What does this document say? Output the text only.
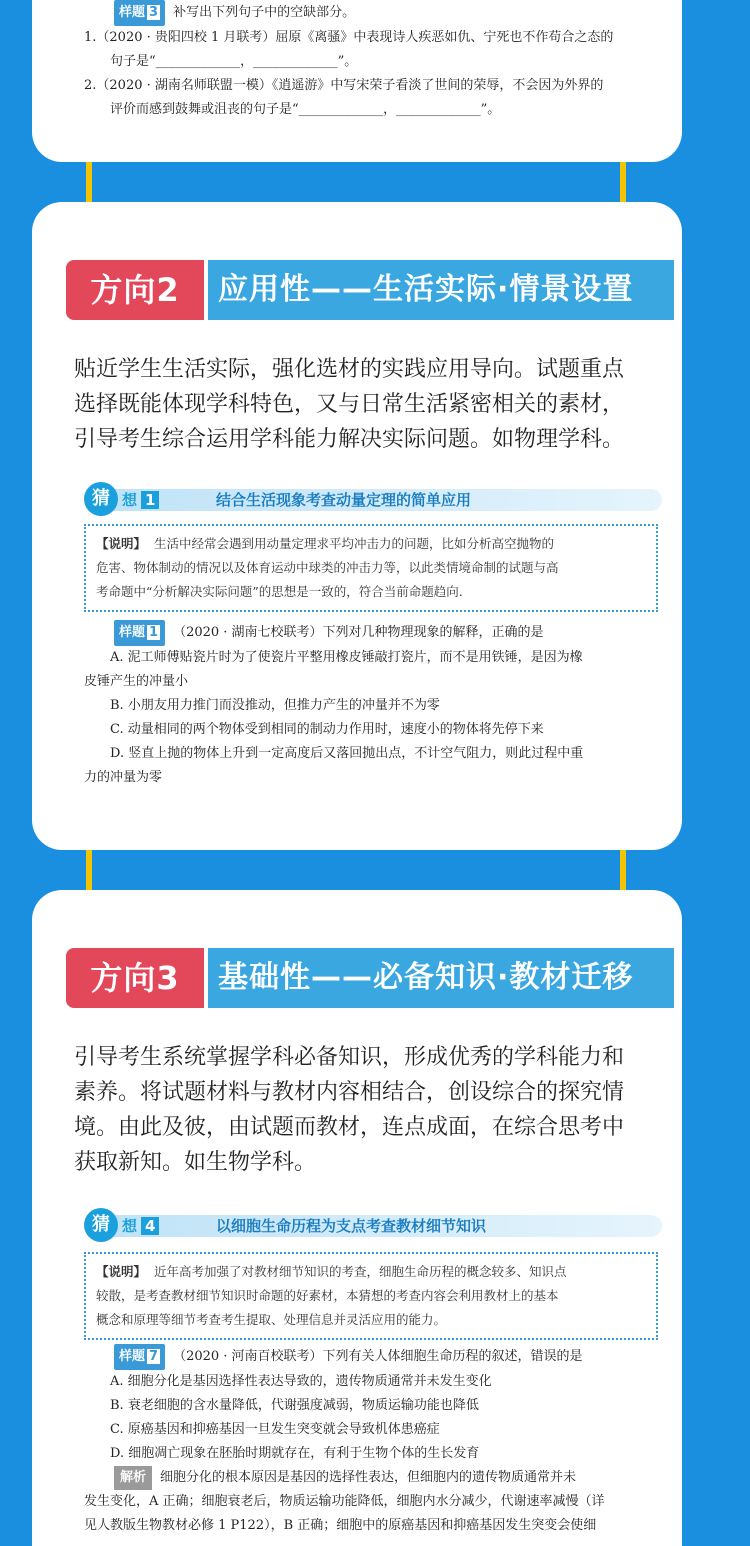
样题 3 补写出下列句子中的空缺部分。

1.（2020 · 贵阳四校 1 月联考）屈原《离骚》中表现诗人疾恶如仇、宁死也不作苟合之态的

句子是“_____________，_____________”。

2.（2020 · 湖南名师联盟一模）《逍遥游》中写宋荣子看淡了世间的荣辱，不会因为外界的

评价而感到鼓舞或沮丧的句子是“_____________，_____________”。

方向2	应用性——生活实际·情景设置
贴近学生生活实际，强化选材的实践应用导向。试题重点
选择既能体现学科特色，又与日常生活紧密相关的素材，
引导考生综合运用学科能力解决实际问题。如物理学科。
猜 想 1	结合生活现象考查动量定理的简单应用
【说明】 生活中经常会遇到用动量定理求平均冲击力的问题，比如分析高空抛物的
危害、物体制动的情况以及体育运动中球类的冲击力等，以此类情境命制的试题与高
考命题中“分析解决实际问题”的思想是一致的，符合当前命题趋向.

样题 1 （2020 · 湖南七校联考）下列对几种物理现象的解释，正确的是

A. 泥工师傅贴瓷片时为了使瓷片平整用橡皮锤敲打瓷片，而不是用铁锤，是因为橡

皮锤产生的冲量小

B. 小朋友用力推门而没推动，但推力产生的冲量并不为零

C. 动量相同的两个物体受到相同的制动力作用时，速度小的物体将先停下来

D. 竖直上抛的物体上升到一定高度后又落回抛出点，不计空气阻力，则此过程中重

力的冲量为零

方向3	基础性——必备知识·教材迁移
引导考生系统掌握学科必备知识，形成优秀的学科能力和
素养。将试题材料与教材内容相结合，创设综合的探究情
境。由此及彼，由试题而教材，连点成面，在综合思考中
获取新知。如生物学科。
猜 想 4	以细胞生命历程为支点考查教材细节知识
【说明】 近年高考加强了对教材细节知识的考查，细胞生命历程的概念较多、知识点
较散，是考查教材细节知识时命题的好素材，本猜想的考查内容会利用教材上的基本
概念和原理等细节考查考生提取、处理信息并灵活应用的能力。

样题 7 （2020 · 河南百校联考）下列有关人体细胞生命历程的叙述，错误的是

A. 细胞分化是基因选择性表达导致的，遗传物质通常并未发生变化

B. 衰老细胞的含水量降低，代谢强度减弱，物质运输功能也降低

C. 原癌基因和抑癌基因一旦发生突变就会导致机体患癌症

D. 细胞凋亡现象在胚胎时期就存在，有利于生物个体的生长发育

解析 细胞分化的根本原因是基因的选择性表达，但细胞内的遗传物质通常并未

发生变化，A 正确；细胞衰老后，物质运输功能降低，细胞内水分减少，代谢速率减慢（详

见人教版生物教材必修 1 P122），B 正确；细胞中的原癌基因和抑癌基因发生突变会使细
